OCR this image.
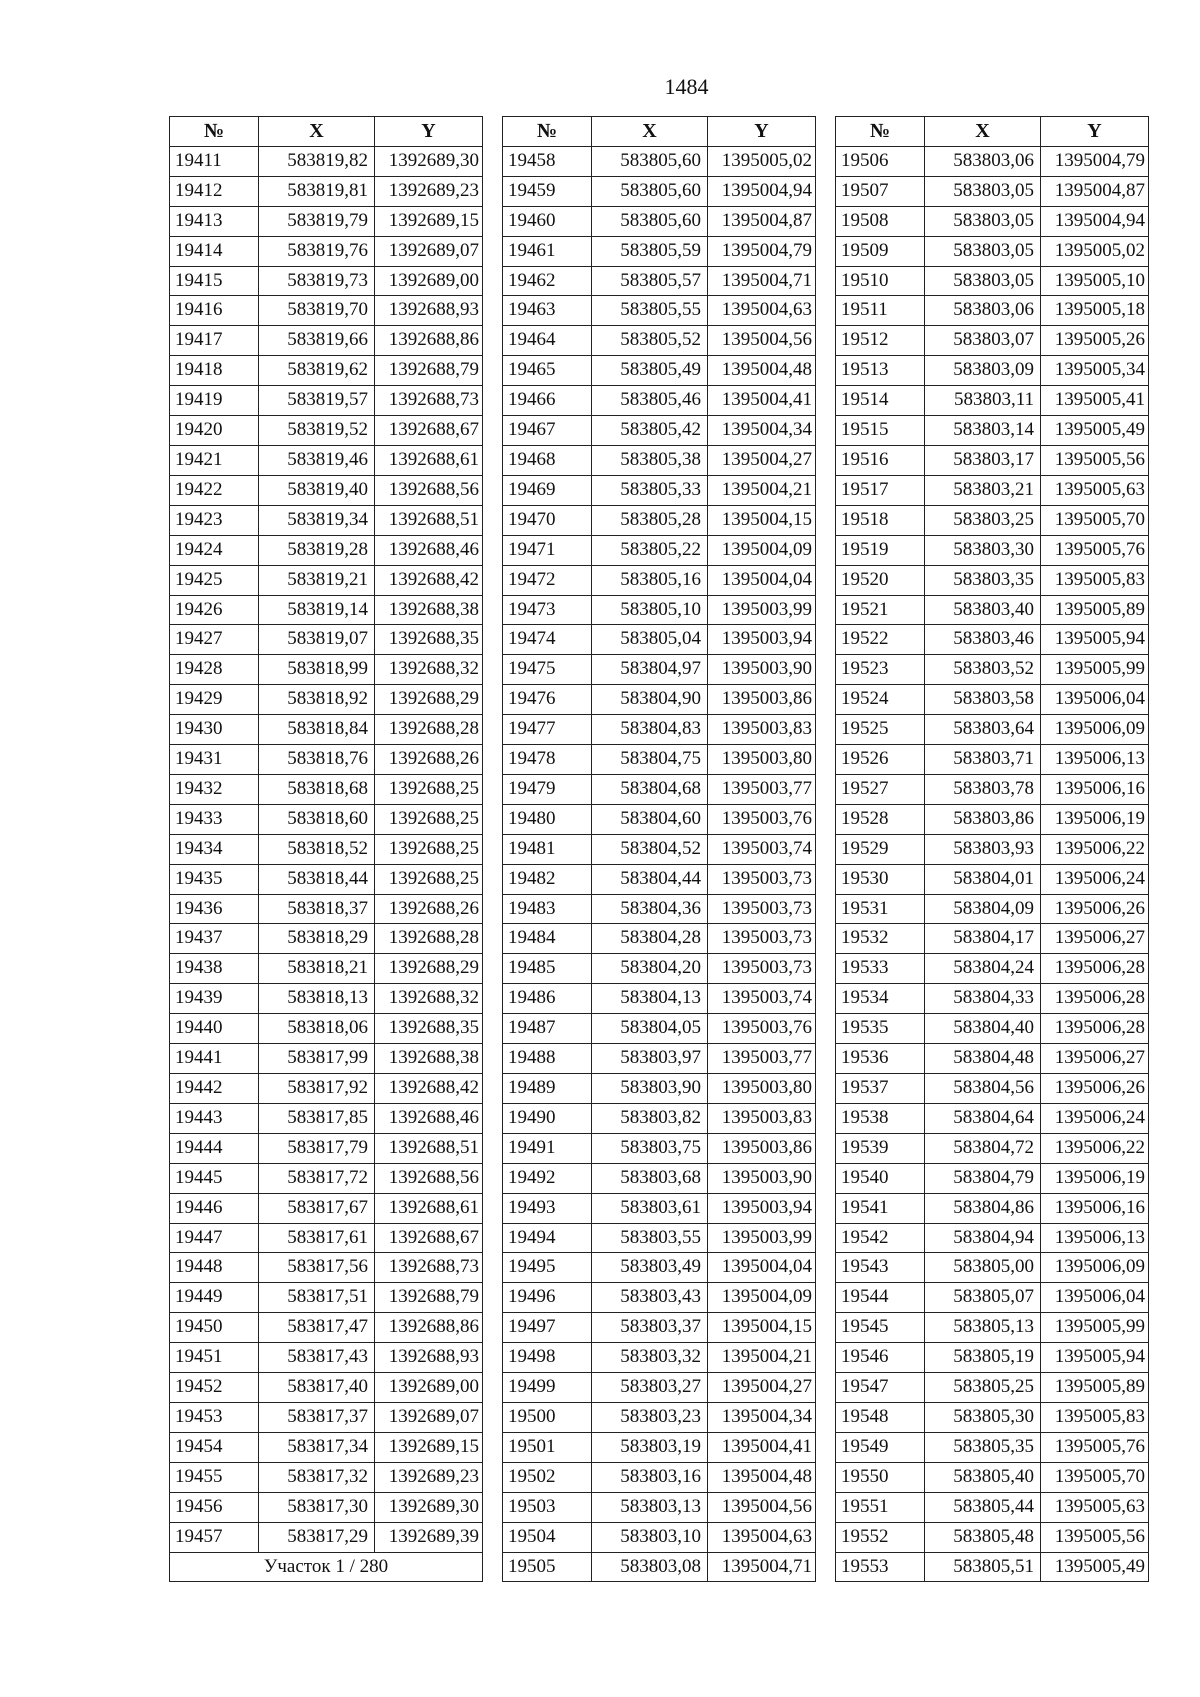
1484
№	X	Y
19411	583819,82	1392689,30
19412	583819,81	1392689,23
19413	583819,79	1392689,15
19414	583819,76	1392689,07
19415	583819,73	1392689,00
19416	583819,70	1392688,93
19417	583819,66	1392688,86
19418	583819,62	1392688,79
19419	583819,57	1392688,73
19420	583819,52	1392688,67
19421	583819,46	1392688,61
19422	583819,40	1392688,56
19423	583819,34	1392688,51
19424	583819,28	1392688,46
19425	583819,21	1392688,42
19426	583819,14	1392688,38
19427	583819,07	1392688,35
19428	583818,99	1392688,32
19429	583818,92	1392688,29
19430	583818,84	1392688,28
19431	583818,76	1392688,26
19432	583818,68	1392688,25
19433	583818,60	1392688,25
19434	583818,52	1392688,25
19435	583818,44	1392688,25
19436	583818,37	1392688,26
19437	583818,29	1392688,28
19438	583818,21	1392688,29
19439	583818,13	1392688,32
19440	583818,06	1392688,35
19441	583817,99	1392688,38
19442	583817,92	1392688,42
19443	583817,85	1392688,46
19444	583817,79	1392688,51
19445	583817,72	1392688,56
19446	583817,67	1392688,61
19447	583817,61	1392688,67
19448	583817,56	1392688,73
19449	583817,51	1392688,79
19450	583817,47	1392688,86
19451	583817,43	1392688,93
19452	583817,40	1392689,00
19453	583817,37	1392689,07
19454	583817,34	1392689,15
19455	583817,32	1392689,23
19456	583817,30	1392689,30
19457	583817,29	1392689,39
Участок 1 / 280		
№	X	Y
19458	583805,60	1395005,02
19459	583805,60	1395004,94
19460	583805,60	1395004,87
19461	583805,59	1395004,79
19462	583805,57	1395004,71
19463	583805,55	1395004,63
19464	583805,52	1395004,56
19465	583805,49	1395004,48
19466	583805,46	1395004,41
19467	583805,42	1395004,34
19468	583805,38	1395004,27
19469	583805,33	1395004,21
19470	583805,28	1395004,15
19471	583805,22	1395004,09
19472	583805,16	1395004,04
19473	583805,10	1395003,99
19474	583805,04	1395003,94
19475	583804,97	1395003,90
19476	583804,90	1395003,86
19477	583804,83	1395003,83
19478	583804,75	1395003,80
19479	583804,68	1395003,77
19480	583804,60	1395003,76
19481	583804,52	1395003,74
19482	583804,44	1395003,73
19483	583804,36	1395003,73
19484	583804,28	1395003,73
19485	583804,20	1395003,73
19486	583804,13	1395003,74
19487	583804,05	1395003,76
19488	583803,97	1395003,77
19489	583803,90	1395003,80
19490	583803,82	1395003,83
19491	583803,75	1395003,86
19492	583803,68	1395003,90
19493	583803,61	1395003,94
19494	583803,55	1395003,99
19495	583803,49	1395004,04
19496	583803,43	1395004,09
19497	583803,37	1395004,15
19498	583803,32	1395004,21
19499	583803,27	1395004,27
19500	583803,23	1395004,34
19501	583803,19	1395004,41
19502	583803,16	1395004,48
19503	583803,13	1395004,56
19504	583803,10	1395004,63
19505	583803,08	1395004,71
№	X	Y
19506	583803,06	1395004,79
19507	583803,05	1395004,87
19508	583803,05	1395004,94
19509	583803,05	1395005,02
19510	583803,05	1395005,10
19511	583803,06	1395005,18
19512	583803,07	1395005,26
19513	583803,09	1395005,34
19514	583803,11	1395005,41
19515	583803,14	1395005,49
19516	583803,17	1395005,56
19517	583803,21	1395005,63
19518	583803,25	1395005,70
19519	583803,30	1395005,76
19520	583803,35	1395005,83
19521	583803,40	1395005,89
19522	583803,46	1395005,94
19523	583803,52	1395005,99
19524	583803,58	1395006,04
19525	583803,64	1395006,09
19526	583803,71	1395006,13
19527	583803,78	1395006,16
19528	583803,86	1395006,19
19529	583803,93	1395006,22
19530	583804,01	1395006,24
19531	583804,09	1395006,26
19532	583804,17	1395006,27
19533	583804,24	1395006,28
19534	583804,33	1395006,28
19535	583804,40	1395006,28
19536	583804,48	1395006,27
19537	583804,56	1395006,26
19538	583804,64	1395006,24
19539	583804,72	1395006,22
19540	583804,79	1395006,19
19541	583804,86	1395006,16
19542	583804,94	1395006,13
19543	583805,00	1395006,09
19544	583805,07	1395006,04
19545	583805,13	1395005,99
19546	583805,19	1395005,94
19547	583805,25	1395005,89
19548	583805,30	1395005,83
19549	583805,35	1395005,76
19550	583805,40	1395005,70
19551	583805,44	1395005,63
19552	583805,48	1395005,56
19553	583805,51	1395005,49
